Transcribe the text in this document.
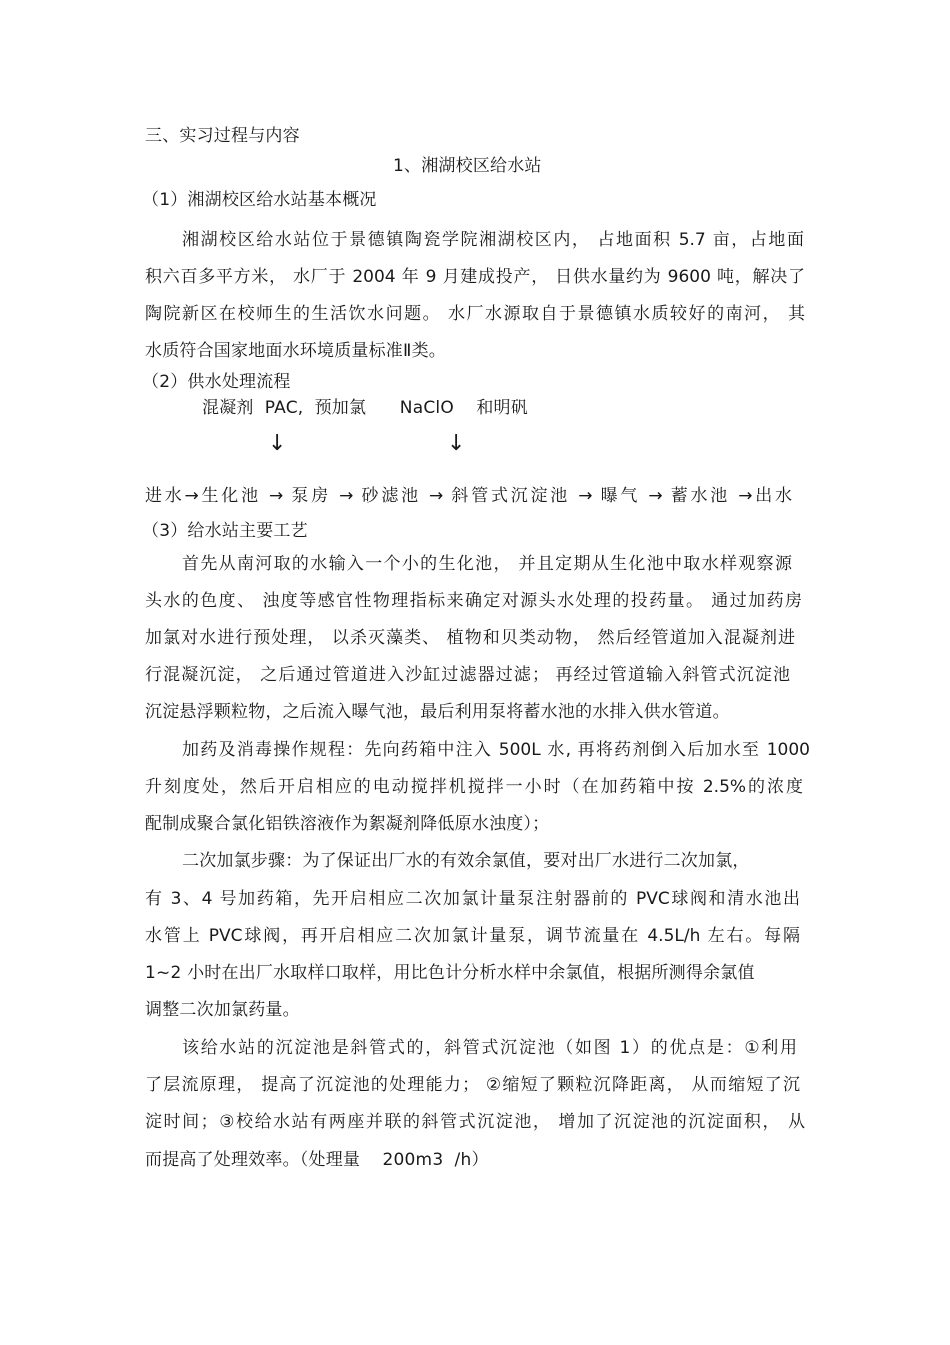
三、实习过程与内容
1、湘湖校区给水站
（1）湘湖校区给水站基本概况
湘湖校区给水站位于景德镇陶瓷学院湘湖校区内， 占地面积 5.7 亩，占地面
积六百多平方米， 水厂于 2004 年 9 月建成投产， 日供水量约为 9600 吨，解决了
陶院新区在校师生的生活饮水问题。 水厂水源取自于景德镇水质较好的南河， 其
水质符合国家地面水环境质量标准Ⅱ类。
（2）供水处理流程
混凝剂  PAC,  预加氯      NaClO    和明矾
↓	↓
进水→生化池 → 泵房 → 砂滤池 → 斜管式沉淀池 → 曝气 → 蓄水池 →出水
（3）给水站主要工艺
首先从南河取的水输入一个小的生化池， 并且定期从生化池中取水样观察源
头水的色度、 浊度等感官性物理指标来确定对源头水处理的投药量。 通过加药房
加氯对水进行预处理， 以杀灭藻类、 植物和贝类动物， 然后经管道加入混凝剂进
行混凝沉淀， 之后通过管道进入沙缸过滤器过滤； 再经过管道输入斜管式沉淀池
沉淀悬浮颗粒物，之后流入曝气池，最后利用泵将蓄水池的水排入供水管道。
加药及消毒操作规程：先向药箱中注入 500L 水, 再将药剂倒入后加水至 1000
升刻度处，然后开启相应的电动搅拌机搅拌一小时（在加药箱中按 2.5%的浓度
配制成聚合氯化铝铁溶液作为絮凝剂降低原水浊度）；
二次加氯步骤：为了保证出厂水的有效余氯值，要对出厂水进行二次加氯，
有 3、4 号加药箱，先开启相应二次加氯计量泵注射器前的 PVC球阀和清水池出
水管上 PVC球阀，再开启相应二次加氯计量泵，调节流量在 4.5L/h 左右。每隔
1~2 小时在出厂水取样口取样，用比色计分析水样中余氯值，根据所测得余氯值
调整二次加氯药量。
该给水站的沉淀池是斜管式的，斜管式沉淀池（如图 1）的优点是：①利用
了层流原理， 提高了沉淀池的处理能力； ②缩短了颗粒沉降距离， 从而缩短了沉
淀时间；③校给水站有两座并联的斜管式沉淀池， 增加了沉淀池的沉淀面积， 从
而提高了处理效率。（处理量    200m3  /h）
